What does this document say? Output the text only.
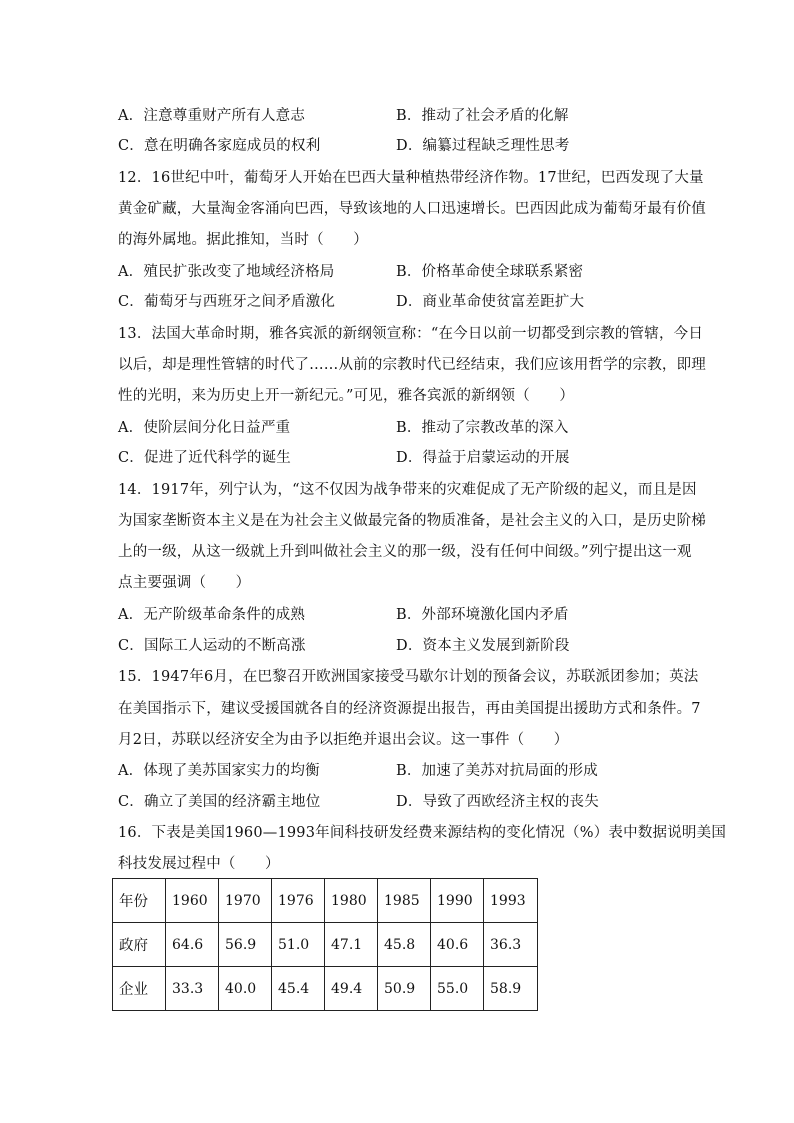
A．注意尊重财产所有人意志	B．推动了社会矛盾的化解
C．意在明确各家庭成员的权利	D．编纂过程缺乏理性思考
12．16世纪中叶，葡萄牙人开始在巴西大量种植热带经济作物。17世纪，巴西发现了大量
黄金矿藏，大量淘金客涌向巴西，导致该地的人口迅速增长。巴西因此成为葡萄牙最有价值
的海外属地。据此推知，当时（　　）
A．殖民扩张改变了地域经济格局	B．价格革命使全球联系紧密
C．葡萄牙与西班牙之间矛盾激化	D．商业革命使贫富差距扩大
13．法国大革命时期，雅各宾派的新纲领宣称：“在今日以前一切都受到宗教的管辖，今日
以后，却是理性管辖的时代了……从前的宗教时代已经结束，我们应该用哲学的宗教，即理
性的光明，来为历史上开一新纪元。”可见，雅各宾派的新纲领（　　）
A．使阶层间分化日益严重	B．推动了宗教改革的深入
C．促进了近代科学的诞生	D．得益于启蒙运动的开展
14．1917年，列宁认为，“这不仅因为战争带来的灾难促成了无产阶级的起义，而且是因
为国家垄断资本主义是在为社会主义做最完备的物质准备，是社会主义的入口，是历史阶梯
上的一级，从这一级就上升到叫做社会主义的那一级，没有任何中间级。”列宁提出这一观
点主要强调（　　）
A．无产阶级革命条件的成熟	B．外部环境激化国内矛盾
C．国际工人运动的不断高涨	D．资本主义发展到新阶段
15．1947年6月，在巴黎召开欧洲国家接受马歇尔计划的预备会议，苏联派团参加；英法
在美国指示下，建议受援国就各自的经济资源提出报告，再由美国提出援助方式和条件。7
月2日，苏联以经济安全为由予以拒绝并退出会议。这一事件（　　）
A．体现了美苏国家实力的均衡	B．加速了美苏对抗局面的形成
C．确立了美国的经济霸主地位	D．导致了西欧经济主权的丧失
16．下表是美国1960—1993年间科技研发经费来源结构的变化情况（%）表中数据说明美国
科技发展过程中（　　）
年份	1960	1970	1976	1980	1985	1990	1993
政府	64.6	56.9	51.0	47.1	45.8	40.6	36.3
企业	33.3	40.0	45.4	49.4	50.9	55.0	58.9
